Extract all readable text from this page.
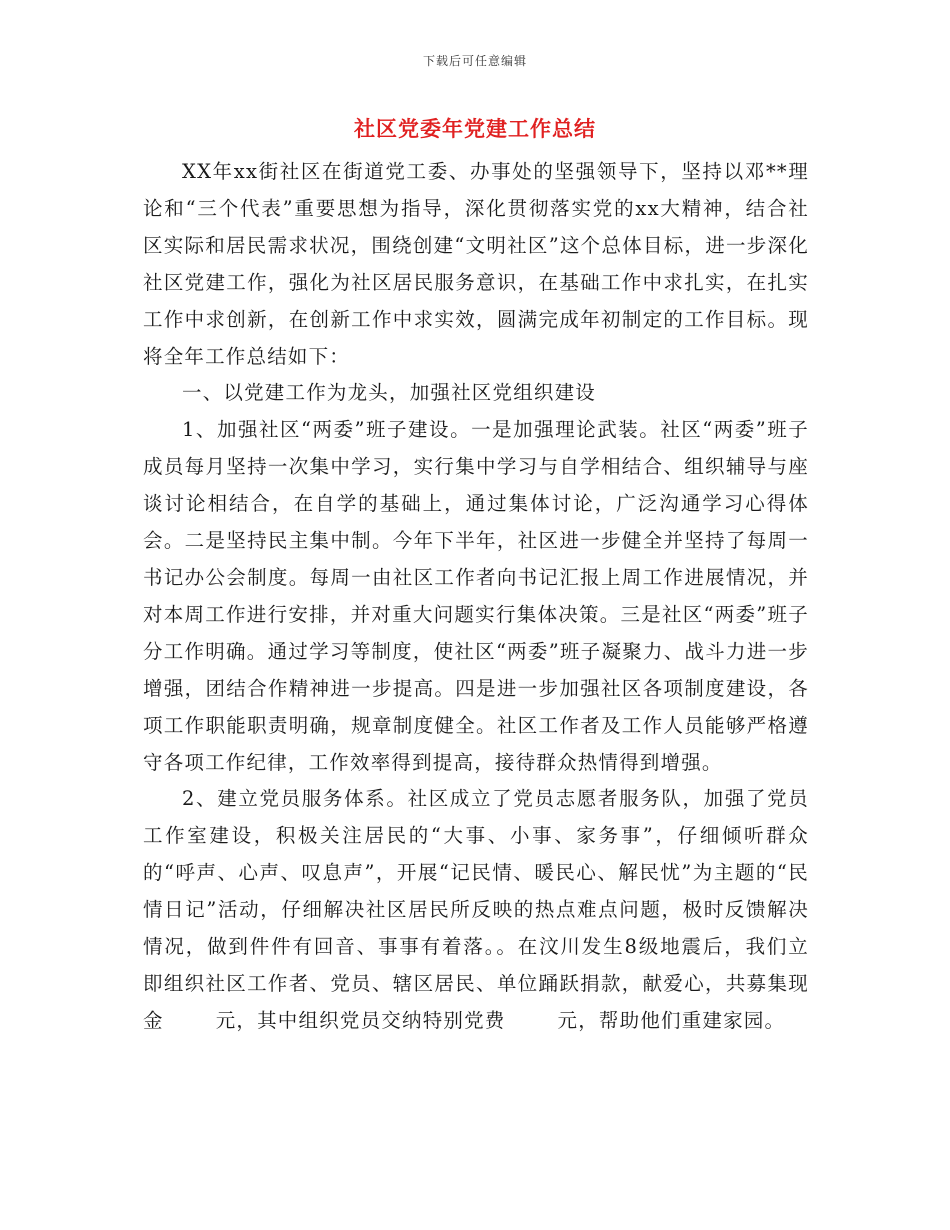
下载后可任意编辑
社区党委年党建工作总结

XX年xx街社区在街道党工委、办事处的坚强领导下，坚持以邓**理论和“三个代表”重要思想为指导，深化贯彻落实党的xx大精神，结合社区实际和居民需求状况，围绕创建“文明社区”这个总体目标，进一步深化社区党建工作，强化为社区居民服务意识，在基础工作中求扎实，在扎实工作中求创新，在创新工作中求实效，圆满完成年初制定的工作目标。现将全年工作总结如下：

一、以党建工作为龙头，加强社区党组织建设

1、加强社区“两委”班子建设。一是加强理论武装。社区“两委”班子成员每月坚持一次集中学习，实行集中学习与自学相结合、组织辅导与座谈讨论相结合，在自学的基础上，通过集体讨论，广泛沟通学习心得体会。二是坚持民主集中制。今年下半年，社区进一步健全并坚持了每周一书记办公会制度。每周一由社区工作者向书记汇报上周工作进展情况，并对本周工作进行安排，并对重大问题实行集体决策。三是社区“两委”班子分工作明确。通过学习等制度，使社区“两委”班子凝聚力、战斗力进一步增强，团结合作精神进一步提高。四是进一步加强社区各项制度建设，各项工作职能职责明确，规章制度健全。社区工作者及工作人员能够严格遵守各项工作纪律，工作效率得到提高，接待群众热情得到增强。

2、建立党员服务体系。社区成立了党员志愿者服务队，加强了党员工作室建设，积极关注居民的“大事、小事、家务事”，仔细倾听群众的“呼声、心声、叹息声”，开展“记民情、暖民心、解民忧”为主题的“民情日记”活动，仔细解决社区居民所反映的热点难点问题，极时反馈解决情况，做到件件有回音、事事有着落。。在汶川发生8级地震后，我们立即组织社区工作者、党员、辖区居民、单位踊跃捐款，献爱心，共募集现金	元，其中组织党员交纳特别党费	元，帮助他们重建家园。
